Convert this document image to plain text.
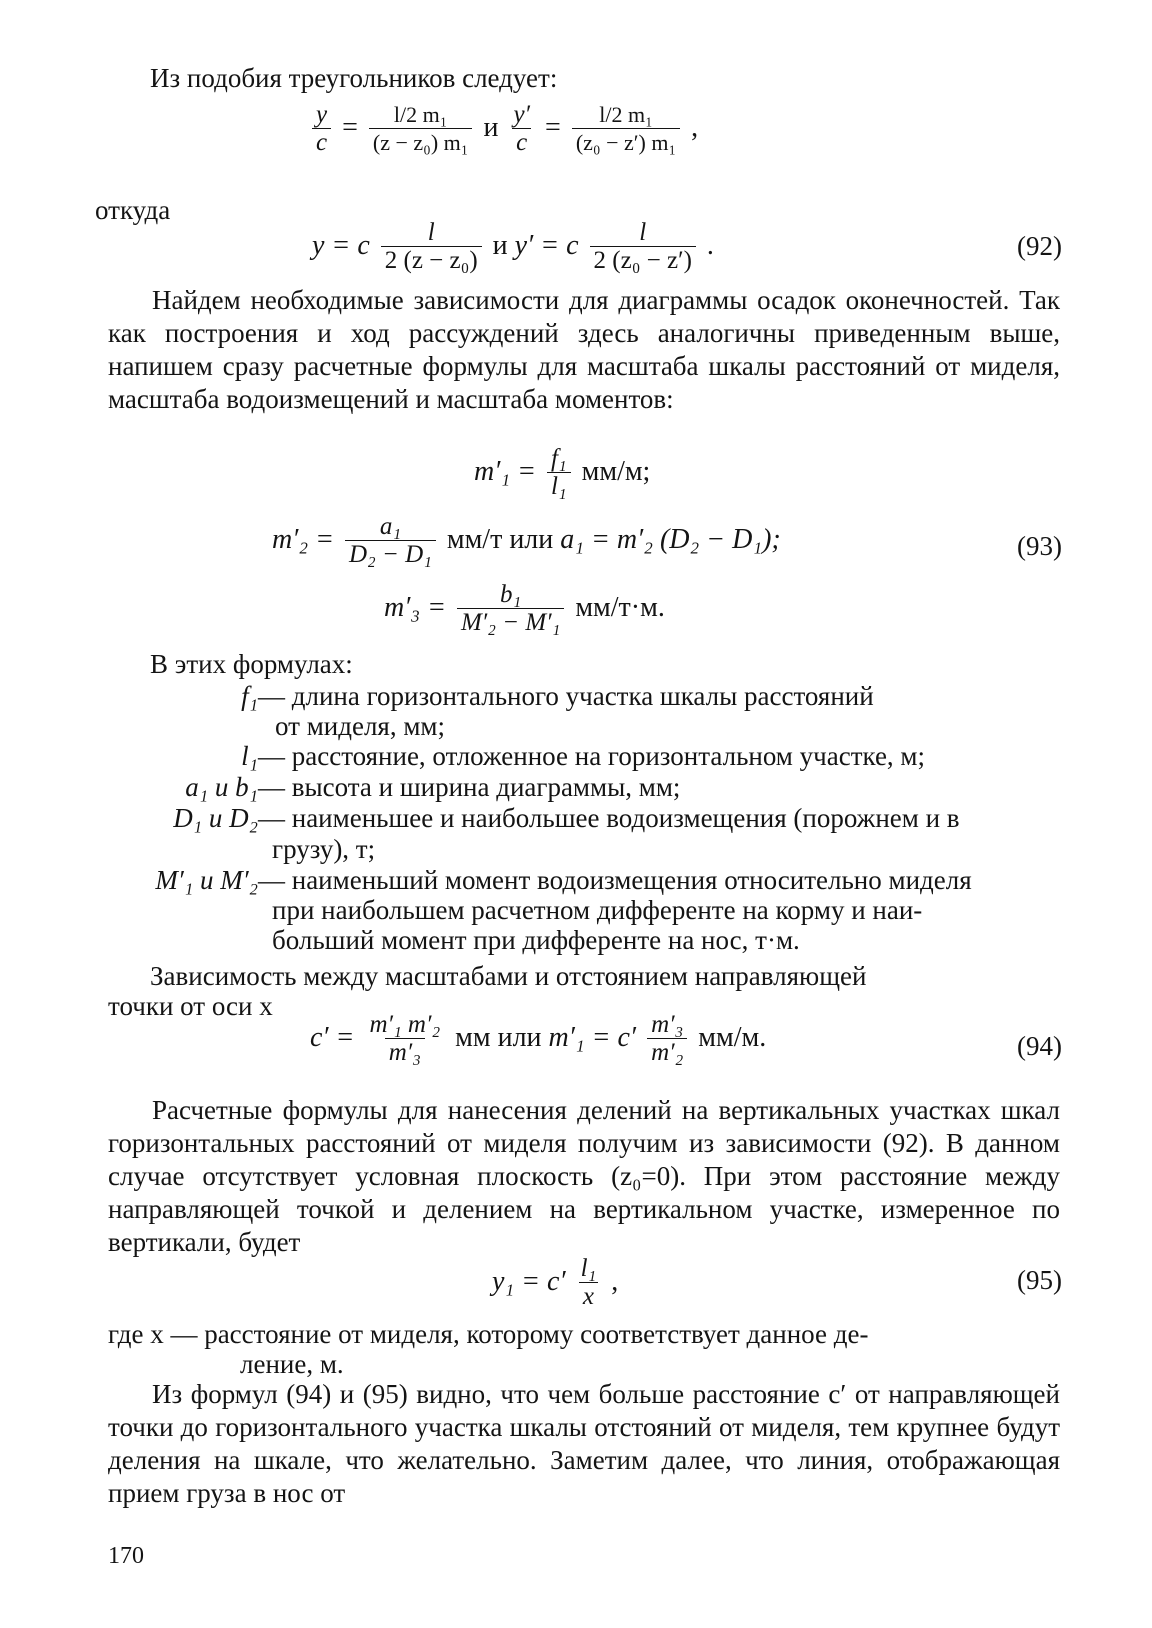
Из подобия треугольников следует:
$\frac{y}{c} = \frac{\text{l/2 m₁}}{\text{(z − z₀) m₁}}$ и $\frac{y'}{c} = \frac{\text{l/2 m₁}}{\text{(z₀ − z′) m₁}}$ ,
откуда
y = c $\frac{l}{\text{2 (z − z₀)}}$ и y′ = c $\frac{l}{\text{2 (z₀ − z′)}}$ .	(92)
Найдем необходимые зависимости для диаграммы осадок оконечностей. Так как построения и ход рассуждений здесь аналогичны приведенным выше, напишем сразу расчетные формулы для масштаба шкалы расстояний от миделя, масштаба водоизмещений и масштаба моментов:
$m'_1 = \frac{\text{f₁}}{\text{l₁}} мм/м$;
$m'_2 = \frac{\text{a₁}}{\text{D₂ − D₁}} мм/т$ или a₁ = m′₂ (D₂ − D₁);	(93)
$m'_3 = \frac{\text{b₁}}{\text{M′₂ − M′₁}} мм/т\cdot м$.
В этих формулах:
f₁— длина горизонтального участка шкалы расстояний
от миделя, мм;
l₁— расстояние, отложенное на горизонтальном участке, м;
a₁ и b₁— высота и ширина диаграммы, мм;
D₁ и D₂— наименьшее и наибольшее водоизмещения (порожнем и в
грузу), т;
M′₁ и M′₂— наименьший момент водоизмещения относительно миделя
при наибольшем расчетном дифференте на корму и наи-
больший момент при дифференте на нос, т·м.
Зависимость между масштабами и отстоянием направляющей
точки от оси x
$c' = \frac{\text{m′₁ m′₂}}{\text{m′₃}}$ мм или $m'_1 = c' \frac{\text{m′₃}}{\text{m′₂}} мм/м$.	(94)
Расчетные формулы для нанесения делений на вертикальных участках шкал горизонтальных расстояний от миделя получим из зависимости (92). В данном случае отсутствует условная плоскость (z₀=0). При этом расстояние между направляющей точкой и делением на вертикальном участке, измеренное по вертикали, будет
$y_1 = c' \frac{\text{l₁}}{x}$ ,	(95)
где x — расстояние от миделя, которому соответствует данное де-
ление, м.
Из формул (94) и (95) видно, что чем больше расстояние c′ от направляющей точки до горизонтального участка шкалы отстояний от миделя, тем крупнее будут деления на шкале, что желательно. Заметим далее, что линия, отображающая прием груза в нос от
170
